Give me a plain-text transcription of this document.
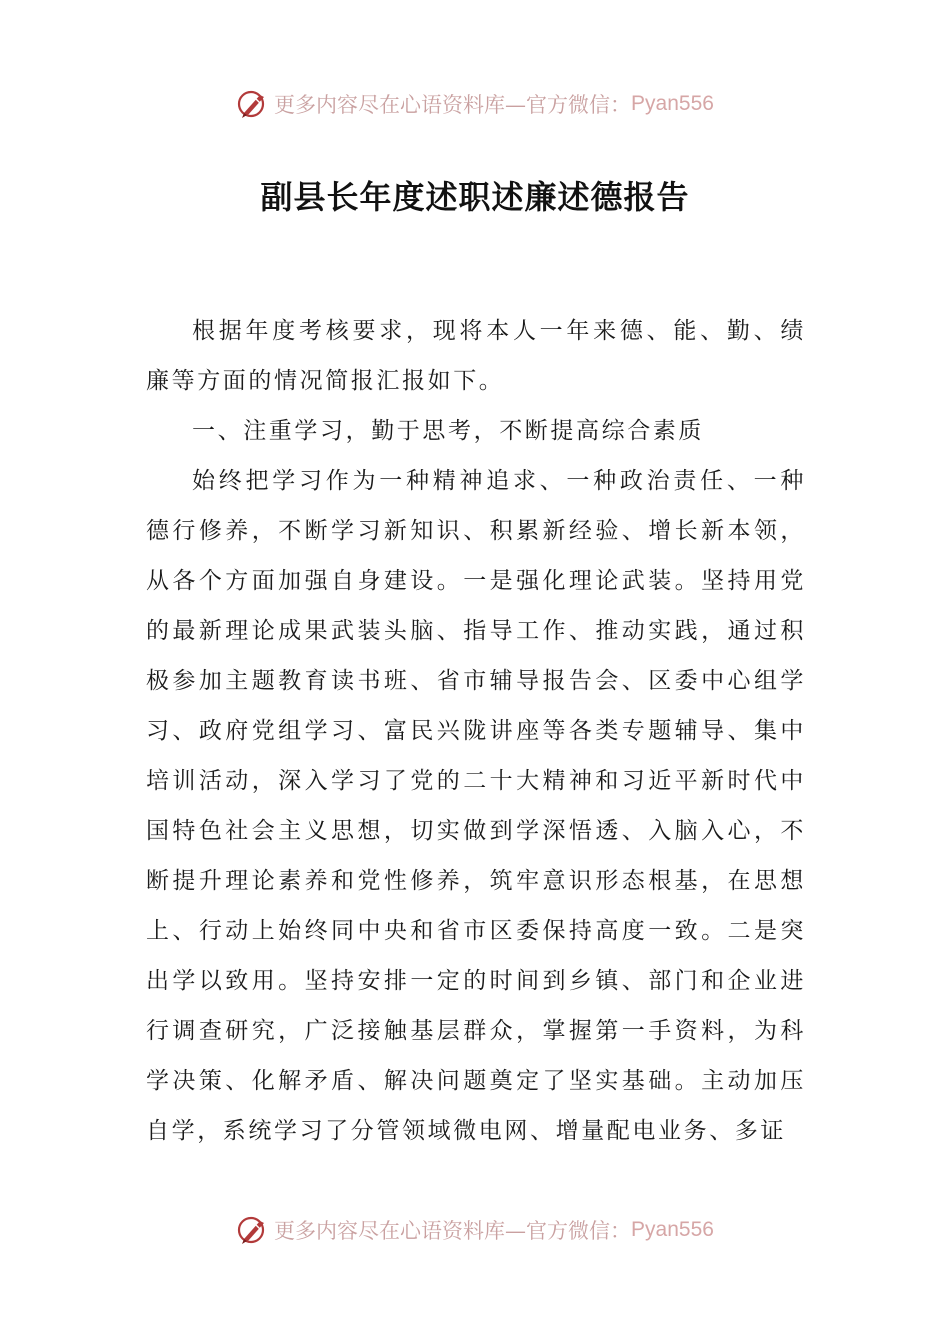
更多内容尽在心语资料库—官方微信： Pyan556
副县长年度述职述廉述德报告

根据年度考核要求，现将本人一年来德、能、勤、绩廉等方面的情况简报汇报如下。

一、注重学习，勤于思考，不断提高综合素质

始终把学习作为一种精神追求、一种政治责任、一种德行修养，不断学习新知识、积累新经验、增长新本领，从各个方面加强自身建设。一是强化理论武装。坚持用党的最新理论成果武装头脑、指导工作、推动实践，通过积极参加主题教育读书班、省市辅导报告会、区委中心组学习、政府党组学习、富民兴陇讲座等各类专题辅导、集中培训活动，深入学习了党的二十大精神和习近平新时代中国特色社会主义思想，切实做到学深悟透、入脑入心，不断提升理论素养和党性修养，筑牢意识形态根基，在思想上、行动上始终同中央和省市区委保持高度一致。二是突出学以致用。坚持安排一定的时间到乡镇、部门和企业进行调查研究，广泛接触基层群众，掌握第一手资料，为科学决策、化解矛盾、解决问题奠定了坚实基础。主动加压自学，系统学习了分管领域微电网、增量配电业务、多证

更多内容尽在心语资料库—官方微信： Pyan556
